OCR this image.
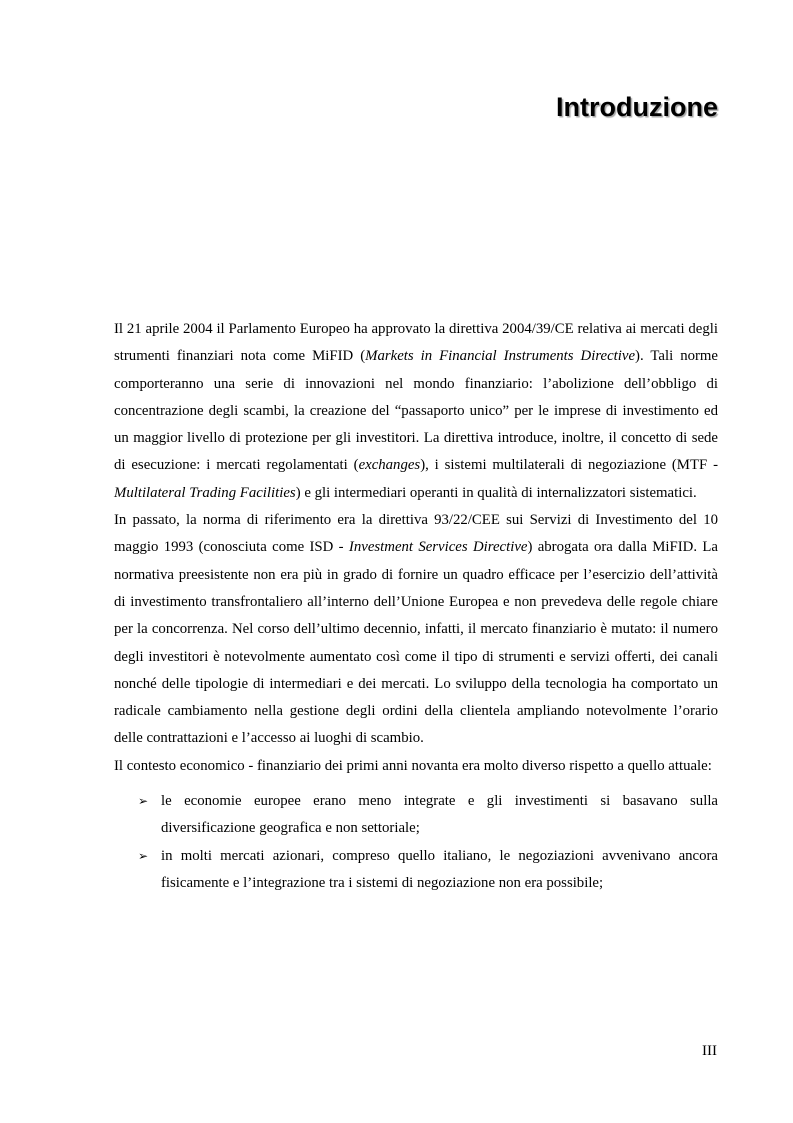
Introduzione

Il 21 aprile 2004 il Parlamento Europeo ha approvato la direttiva 2004/39/CE relativa ai mercati degli strumenti finanziari nota come MiFID (Markets in Financial Instruments Directive). Tali norme comporteranno una serie di innovazioni nel mondo finanziario: l’abolizione dell’obbligo di concentrazione degli scambi, la creazione del “passaporto unico” per le imprese di investimento ed un maggior livello di protezione per gli investitori. La direttiva introduce, inoltre, il concetto di sede di esecuzione: i mercati regolamentati (exchanges), i sistemi multilaterali di negoziazione (MTF - Multilateral Trading Facilities) e gli intermediari operanti in qualità di internalizzatori sistematici.

In passato, la norma di riferimento era la direttiva 93/22/CEE sui Servizi di Investimento del 10 maggio 1993 (conosciuta come ISD - Investment Services Directive) abrogata ora dalla MiFID. La normativa preesistente non era più in grado di fornire un quadro efficace per l’esercizio dell’attività di investimento transfrontaliero all’interno dell’Unione Europea e non prevedeva delle regole chiare per la concorrenza. Nel corso dell’ultimo decennio, infatti, il mercato finanziario è mutato: il numero degli investitori è notevolmente aumentato così come il tipo di strumenti e servizi offerti, dei canali nonché delle tipologie di intermediari e dei mercati. Lo sviluppo della tecnologia ha comportato un radicale cambiamento nella gestione degli ordini della clientela ampliando notevolmente l’orario delle contrattazioni e l’accesso ai luoghi di scambio.

Il contesto economico - finanziario dei primi anni novanta era molto diverso rispetto a quello attuale:

➢ le economie europee erano meno integrate e gli investimenti si basavano sulla diversificazione geografica e non settoriale;
➢ in molti mercati azionari, compreso quello italiano, le negoziazioni avvenivano ancora fisicamente e l’integrazione tra i sistemi di negoziazione non era possibile;
III
